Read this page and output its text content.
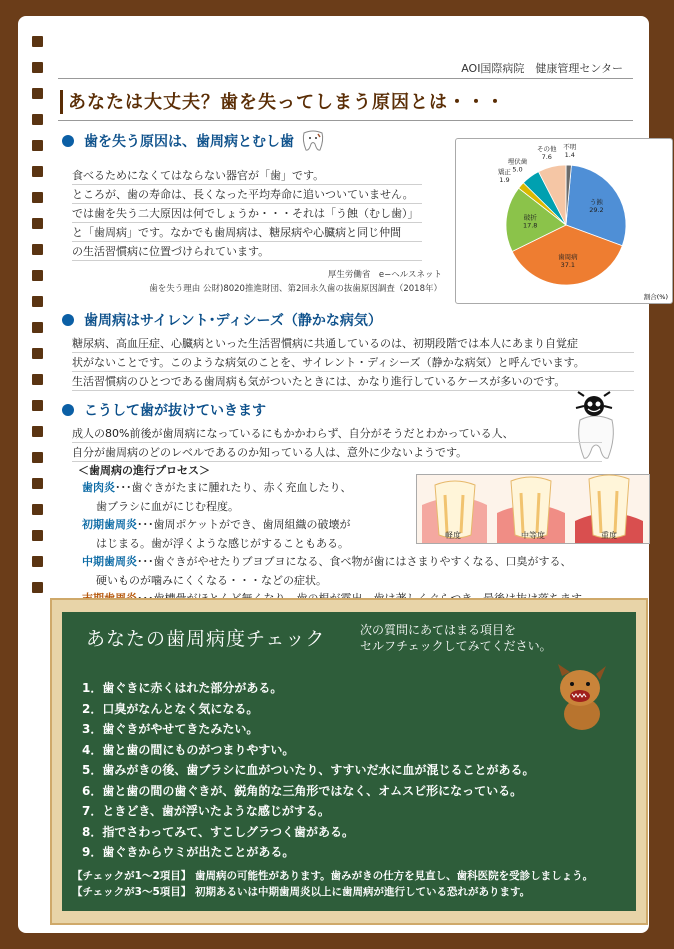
AOI国際病院　健康管理センター
あなたは大丈夫？歯を失ってしまう原因とは・・・
歯を失う原因は、歯周病とむし歯
食べるためになくてはならない器官が「歯」です。
ところが、歯の寿命は、長くなった平均寿命に追いついていません。
では歯を失う二大原因は何でしょうか・・・それは「う蝕（むし歯）」
と「歯周病」です。なかでも歯周病は、糖尿病や心臓病と同じ仲間
の生活習慣病に位置づけられています。
厚生労働省　e−ヘルスネット
歯を失う理由 公財)8020推進財団、第2回永久歯の抜歯原因調査（2018年）
う蝕
29.2
歯周病
37.1
破折
17.8
矯正
1.9
埋伏歯
5.0
その他
7.6
不明
1.4
割合(%)
歯周病はサイレント･ディシーズ（静かな病気）
糖尿病、高血圧症、心臓病といった生活習慣病に共通しているのは、初期段階では本人にあまり自覚症
状がないことです。このような病気のことを、サイレント・ディシーズ（静かな病気）と呼んでいます。
生活習慣病のひとつである歯周病も気がついたときには、かなり進行しているケースが多いのです。
こうして歯が抜けていきます
成人の80%前後が歯周病になっているにもかかわらず、自分がそうだとわかっている人、
自分が歯周病のどのレベルであるのか知っている人は、意外に少ないようです。
＜歯周病の進行プロセス＞
歯肉炎･･･歯ぐきがたまに腫れたり、赤く充血したり、
歯ブラシに血がにじむ程度。
初期歯周炎･･･歯周ポケットができ、歯周組織の破壊が
はじまる。歯が浮くような感じがすることもある。
中期歯周炎･･･歯ぐきがやせたりブヨブヨになる、食べ物が歯にはさまりやすくなる、口臭がする、
硬いものが噛みにくくなる・・・などの症状。
軽度	中等度	重度
あなたの歯周病度チェック	次の質問にあてはまる項目を
セルフチェックしてみてください。
1．歯ぐきに赤くはれた部分がある。
2．口臭がなんとなく気になる。
3．歯ぐきがやせてきたみたい。
4．歯と歯の間にものがつまりやすい。
5．歯みがきの後、歯ブラシに血がついたり、すすいだ水に血が混じることがある。
6．歯と歯の間の歯ぐきが、鋭角的な三角形ではなく、オムスビ形になっている。
7．ときどき、歯が浮いたような感じがする。
8．指でさわってみて、すこしグラつく歯がある。
9．歯ぐきからウミが出たことがある。
【チェックが1～2項目】 歯周病の可能性があります。歯みがきの仕方を見直し、歯科医院を受診しましょう。
【チェックが3～5項目】 初期あるいは中期歯周炎以上に歯周病が進行している恐れがあります。
